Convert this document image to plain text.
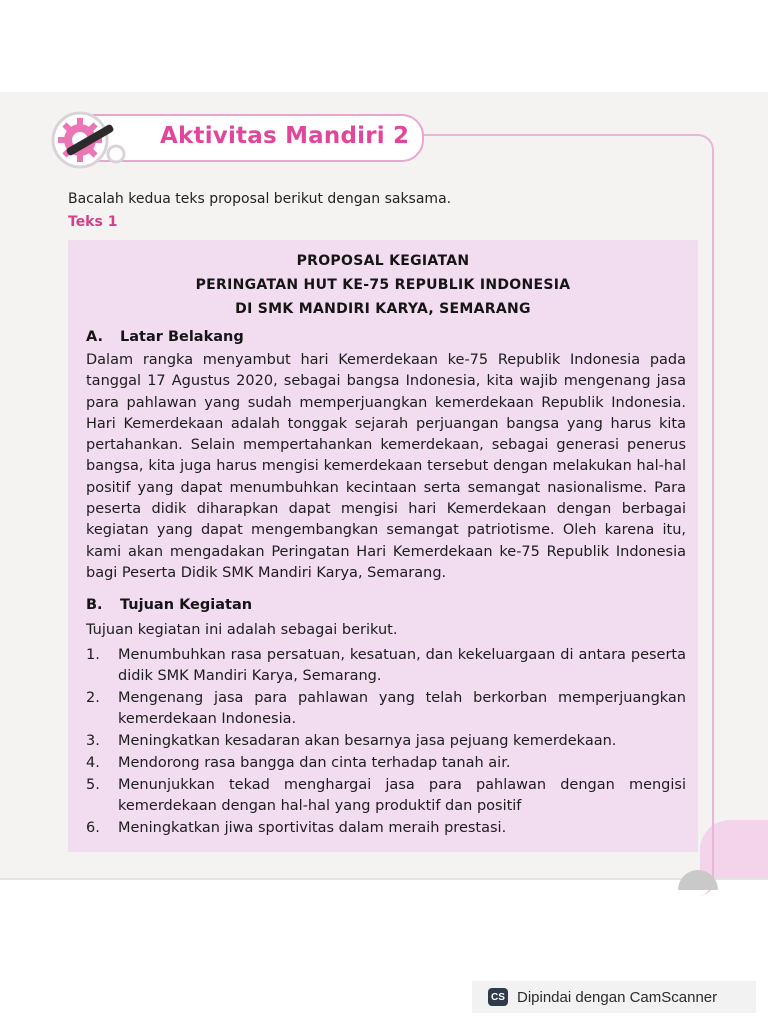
Aktivitas Mandiri 2
Bacalah kedua teks proposal berikut dengan saksama.
Teks 1
PROPOSAL KEGIATAN
PERINGATAN HUT KE-75 REPUBLIK INDONESIA
DI SMK MANDIRI KARYA, SEMARANG
A. Latar Belakang

Dalam rangka menyambut hari Kemerdekaan ke-75 Republik Indonesia pada tanggal 17 Agustus 2020, sebagai bangsa Indonesia, kita wajib mengenang jasa para pahlawan yang sudah memperjuangkan kemerdekaan Republik Indonesia. Hari Kemerdekaan adalah tonggak sejarah perjuangan bangsa yang harus kita pertahankan. Selain mempertahankan kemerdekaan, sebagai generasi penerus bangsa, kita juga harus mengisi kemerdekaan tersebut dengan melakukan hal-hal positif yang dapat menumbuhkan kecintaan serta semangat nasionalisme. Para peserta didik diharapkan dapat mengisi hari Kemerdekaan dengan berbagai kegiatan yang dapat mengembangkan semangat patriotisme. Oleh karena itu, kami akan mengadakan Peringatan Hari Kemerdekaan ke-75 Republik Indonesia bagi Peserta Didik SMK Mandiri Karya, Semarang.

B. Tujuan Kegiatan
Tujuan kegiatan ini adalah sebagai berikut.
1.	Menumbuhkan rasa persatuan, kesatuan, dan kekeluargaan di antara peserta didik SMK Mandiri Karya, Semarang.
2.	Mengenang jasa para pahlawan yang telah berkorban memperjuangkan kemerdekaan Indonesia.
3.	Meningkatkan kesadaran akan besarnya jasa pejuang kemerdekaan.
4.	Mendorong rasa bangga dan cinta terhadap tanah air.
5.	Menunjukkan tekad menghargai jasa para pahlawan dengan mengisi kemerdekaan dengan hal-hal yang produktif dan positif
6.	Meningkatkan jiwa sportivitas dalam meraih prestasi.
CS Dipindai dengan CamScanner
